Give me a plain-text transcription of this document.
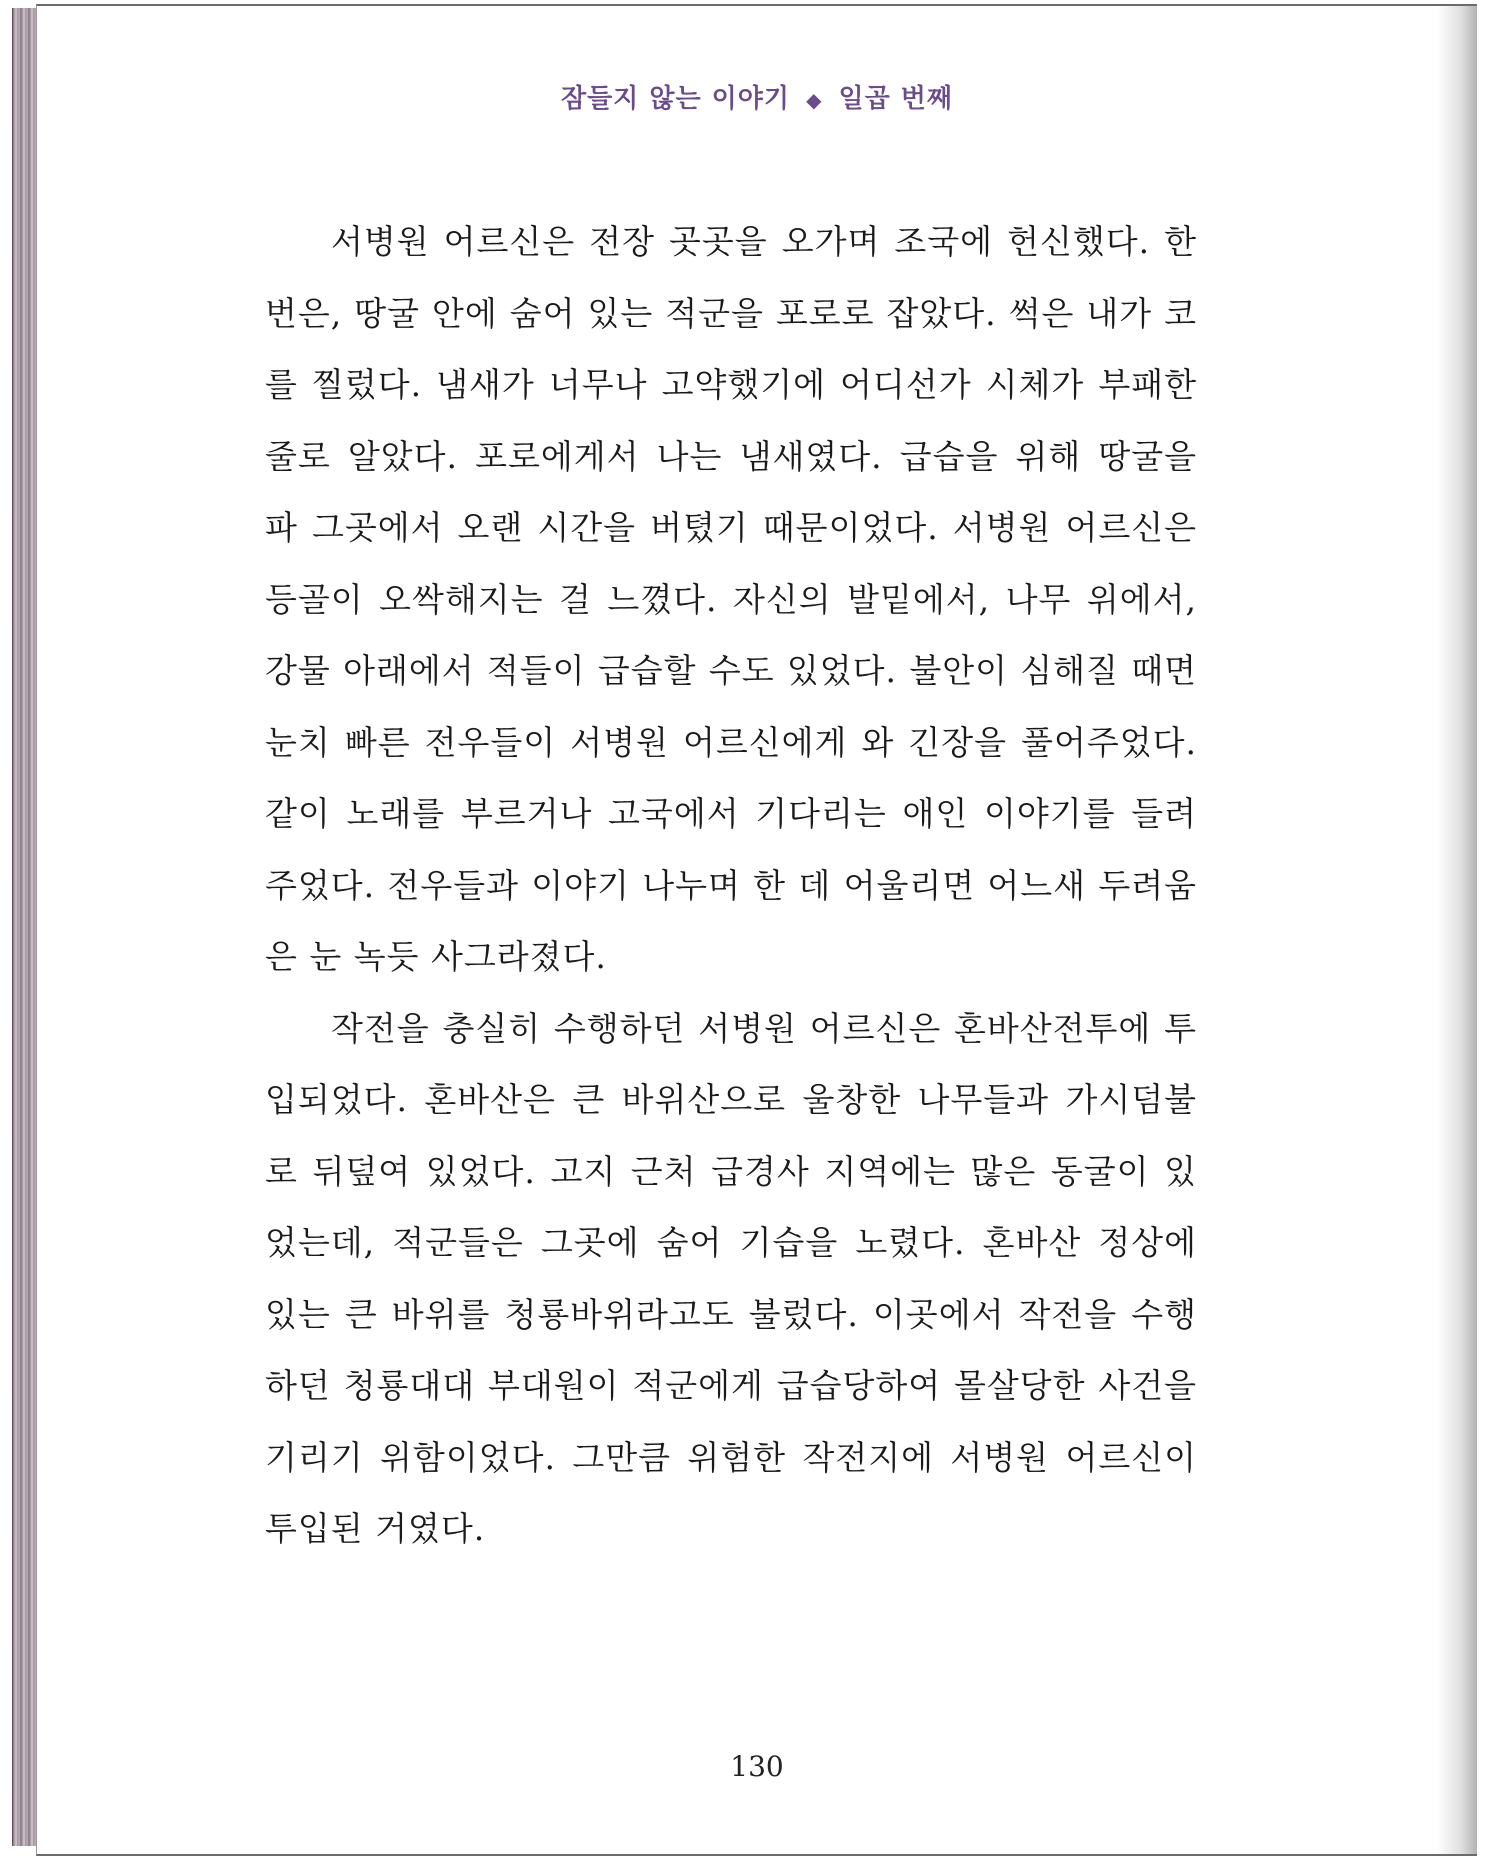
잠들지 않는 이야기 ◆ 일곱 번째

서병원 어르신은 전장 곳곳을 오가며 조국에 헌신했다. 한 번은, 땅굴 안에 숨어 있는 적군을 포로로 잡았다. 썩은 내가 코를 찔렀다. 냄새가 너무나 고약했기에 어디선가 시체가 부패한 줄로 알았다. 포로에게서 나는 냄새였다. 급습을 위해 땅굴을 파 그곳에서 오랜 시간을 버텼기 때문이었다. 서병원 어르신은 등골이 오싹해지는 걸 느꼈다. 자신의 발밑에서, 나무 위에서, 강물 아래에서 적들이 급습할 수도 있었다. 불안이 심해질 때면 눈치 빠른 전우들이 서병원 어르신에게 와 긴장을 풀어주었다. 같이 노래를 부르거나 고국에서 기다리는 애인 이야기를 들려주었다. 전우들과 이야기 나누며 한 데 어울리면 어느새 두려움은 눈 녹듯 사그라졌다.

작전을 충실히 수행하던 서병원 어르신은 혼바산전투에 투입되었다. 혼바산은 큰 바위산으로 울창한 나무들과 가시덤불로 뒤덮여 있었다. 고지 근처 급경사 지역에는 많은 동굴이 있었는데, 적군들은 그곳에 숨어 기습을 노렸다. 혼바산 정상에 있는 큰 바위를 청룡바위라고도 불렀다. 이곳에서 작전을 수행하던 청룡대대 부대원이 적군에게 급습당하여 몰살당한 사건을 기리기 위함이었다. 그만큼 위험한 작전지에 서병원 어르신이 투입된 거였다.

130
